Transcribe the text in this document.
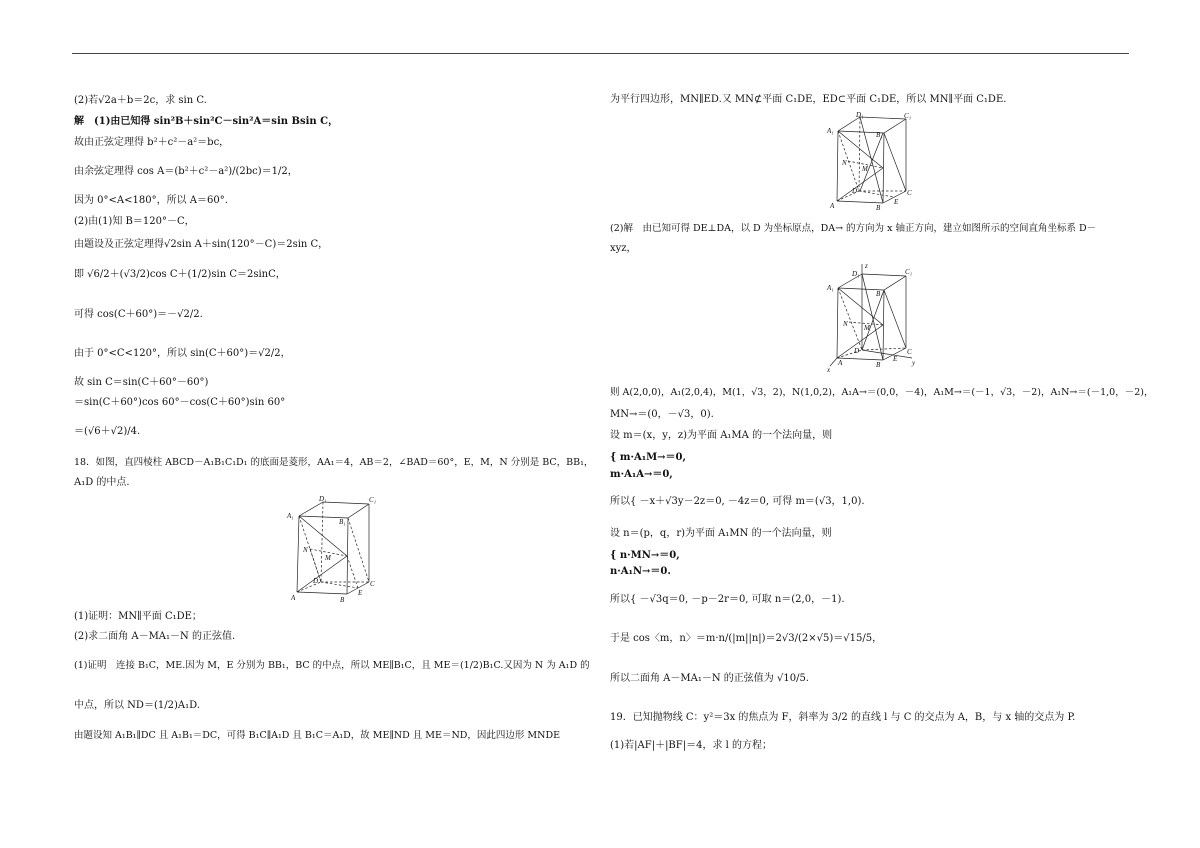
(2)若√2a＋b＝2c，求 sin C.
解　(1)由已知得 sin²B＋sin²C－sin²A＝sin Bsin C，
故由正弦定理得 b²＋c²－a²＝bc，
由余弦定理得 cos A＝(b²＋c²－a²)/(2bc)＝1/2，
因为 0°<A<180°，所以 A＝60°.
(2)由(1)知 B＝120°－C，
由题设及正弦定理得√2sin A＋sin(120°－C)＝2sin C，
即 √6/2＋(√3/2)cos C＋(1/2)sin C＝2sinC，
可得 cos(C＋60°)＝－√2/2.
由于 0°<C<120°，所以 sin(C＋60°)＝√2/2，
故 sin C＝sin(C＋60°－60°)
＝sin(C＋60°)cos 60°－cos(C＋60°)sin 60°
＝(√6＋√2)/4.
18．如图，直四棱柱 ABCD－A₁B₁C₁D₁ 的底面是菱形，AA₁＝4，AB＝2，∠BAD＝60°，E，M，N 分别是 BC，BB₁，
A₁D 的中点.
(1)证明：MN∥平面 C₁DE；
(2)求二面角 A－MA₁－N 的正弦值.
(1)证明　连接 B₁C，ME.因为 M，E 分别为 BB₁，BC 的中点，所以 ME∥B₁C，且 ME＝(1/2)B₁C.又因为 N 为 A₁D 的
中点，所以 ND＝(1/2)A₁D.
由题设知 A₁B₁∥DC 且 A₁B₁＝DC，可得 B₁C∥A₁D 且 B₁C＝A₁D，故 ME∥ND 且 ME＝ND，因此四边形 MNDE
D₁	C₁
A₁
B₁
N
M
D	C
A	B
E
为平行四边形，MN∥ED.又 MN⊄平面 C₁DE，ED⊂平面 C₁DE，所以 MN∥平面 C₁DE.
(2)解　由已知可得 DE⊥DA，以 D 为坐标原点，DA→ 的方向为 x 轴正方向，建立如图所示的空间直角坐标系 D－
xyz，
则 A(2,0,0)，A₁(2,0,4)，M(1，√3，2)，N(1,0,2)，A₁A→＝(0,0，－4)，A₁M→＝(－1，√3，－2)，A₁N→＝(－1,0，－2)，
MN→＝(0，－√3，0).
设 m＝(x，y，z)为平面 A₁MA 的一个法向量，则
{ m·A₁M→＝0,
m·A₁A→＝0,
所以{ －x＋√3y－2z＝0, －4z＝0, 可得 m＝(√3，1,0).
设 n＝(p，q，r)为平面 A₁MN 的一个法向量，则
{ n·MN→＝0,
n·A₁N→＝0.
所以{ －√3q＝0, －p－2r＝0, 可取 n＝(2,0，－1).
于是 cos〈m，n〉＝m·n/(|m||n|)＝2√3/(2×√5)＝√15/5，
所以二面角 A－MA₁－N 的正弦值为 √10/5.
19．已知抛物线 C：y²＝3x 的焦点为 F，斜率为 3/2 的直线 l 与 C 的交点为 A，B，与 x 轴的交点为 P.
(1)若|AF|＋|BF|＝4，求 l 的方程；
D₁	C₁
A₁	B₁
N
M
D	C
A	B
E
z
D₁	C₁
A₁
B₁
N M
D	C
A	B
E
x
y
